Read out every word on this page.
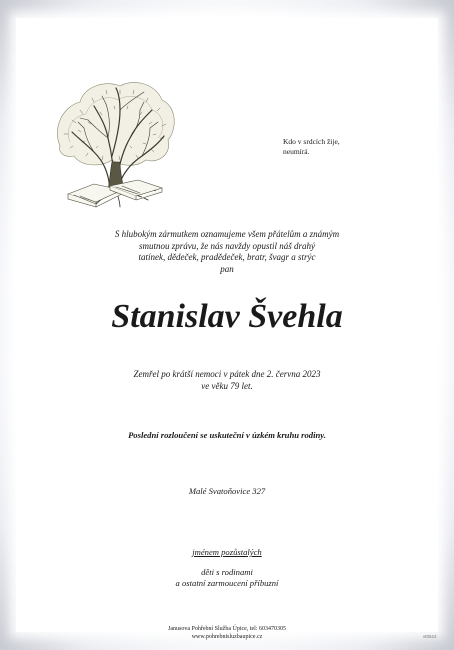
Kdo v srdcích žije,
neumírá.
S hlubokým zármutkem oznamujeme všem přátelům a známým
smutnou zprávu, že nás navždy opustil náš drahý
tatínek, dědeček, pradědeček, bratr, švagr a strýc
pan
Stanislav Švehla
Zemřel po krátší nemoci v pátek dne 2. června 2023
ve věku 79 let.
Poslední rozloučení se uskuteční v úzkém kruhu rodiny.
Malé Svatoňovice 327
jménem pozůstalých
děti s rodinami
a ostatní zarmoucení příbuzní
Janusova Pohřební Služba Úpice, tel: 603470305
www.pohrebnisluzbaupice.cz	vt0524
